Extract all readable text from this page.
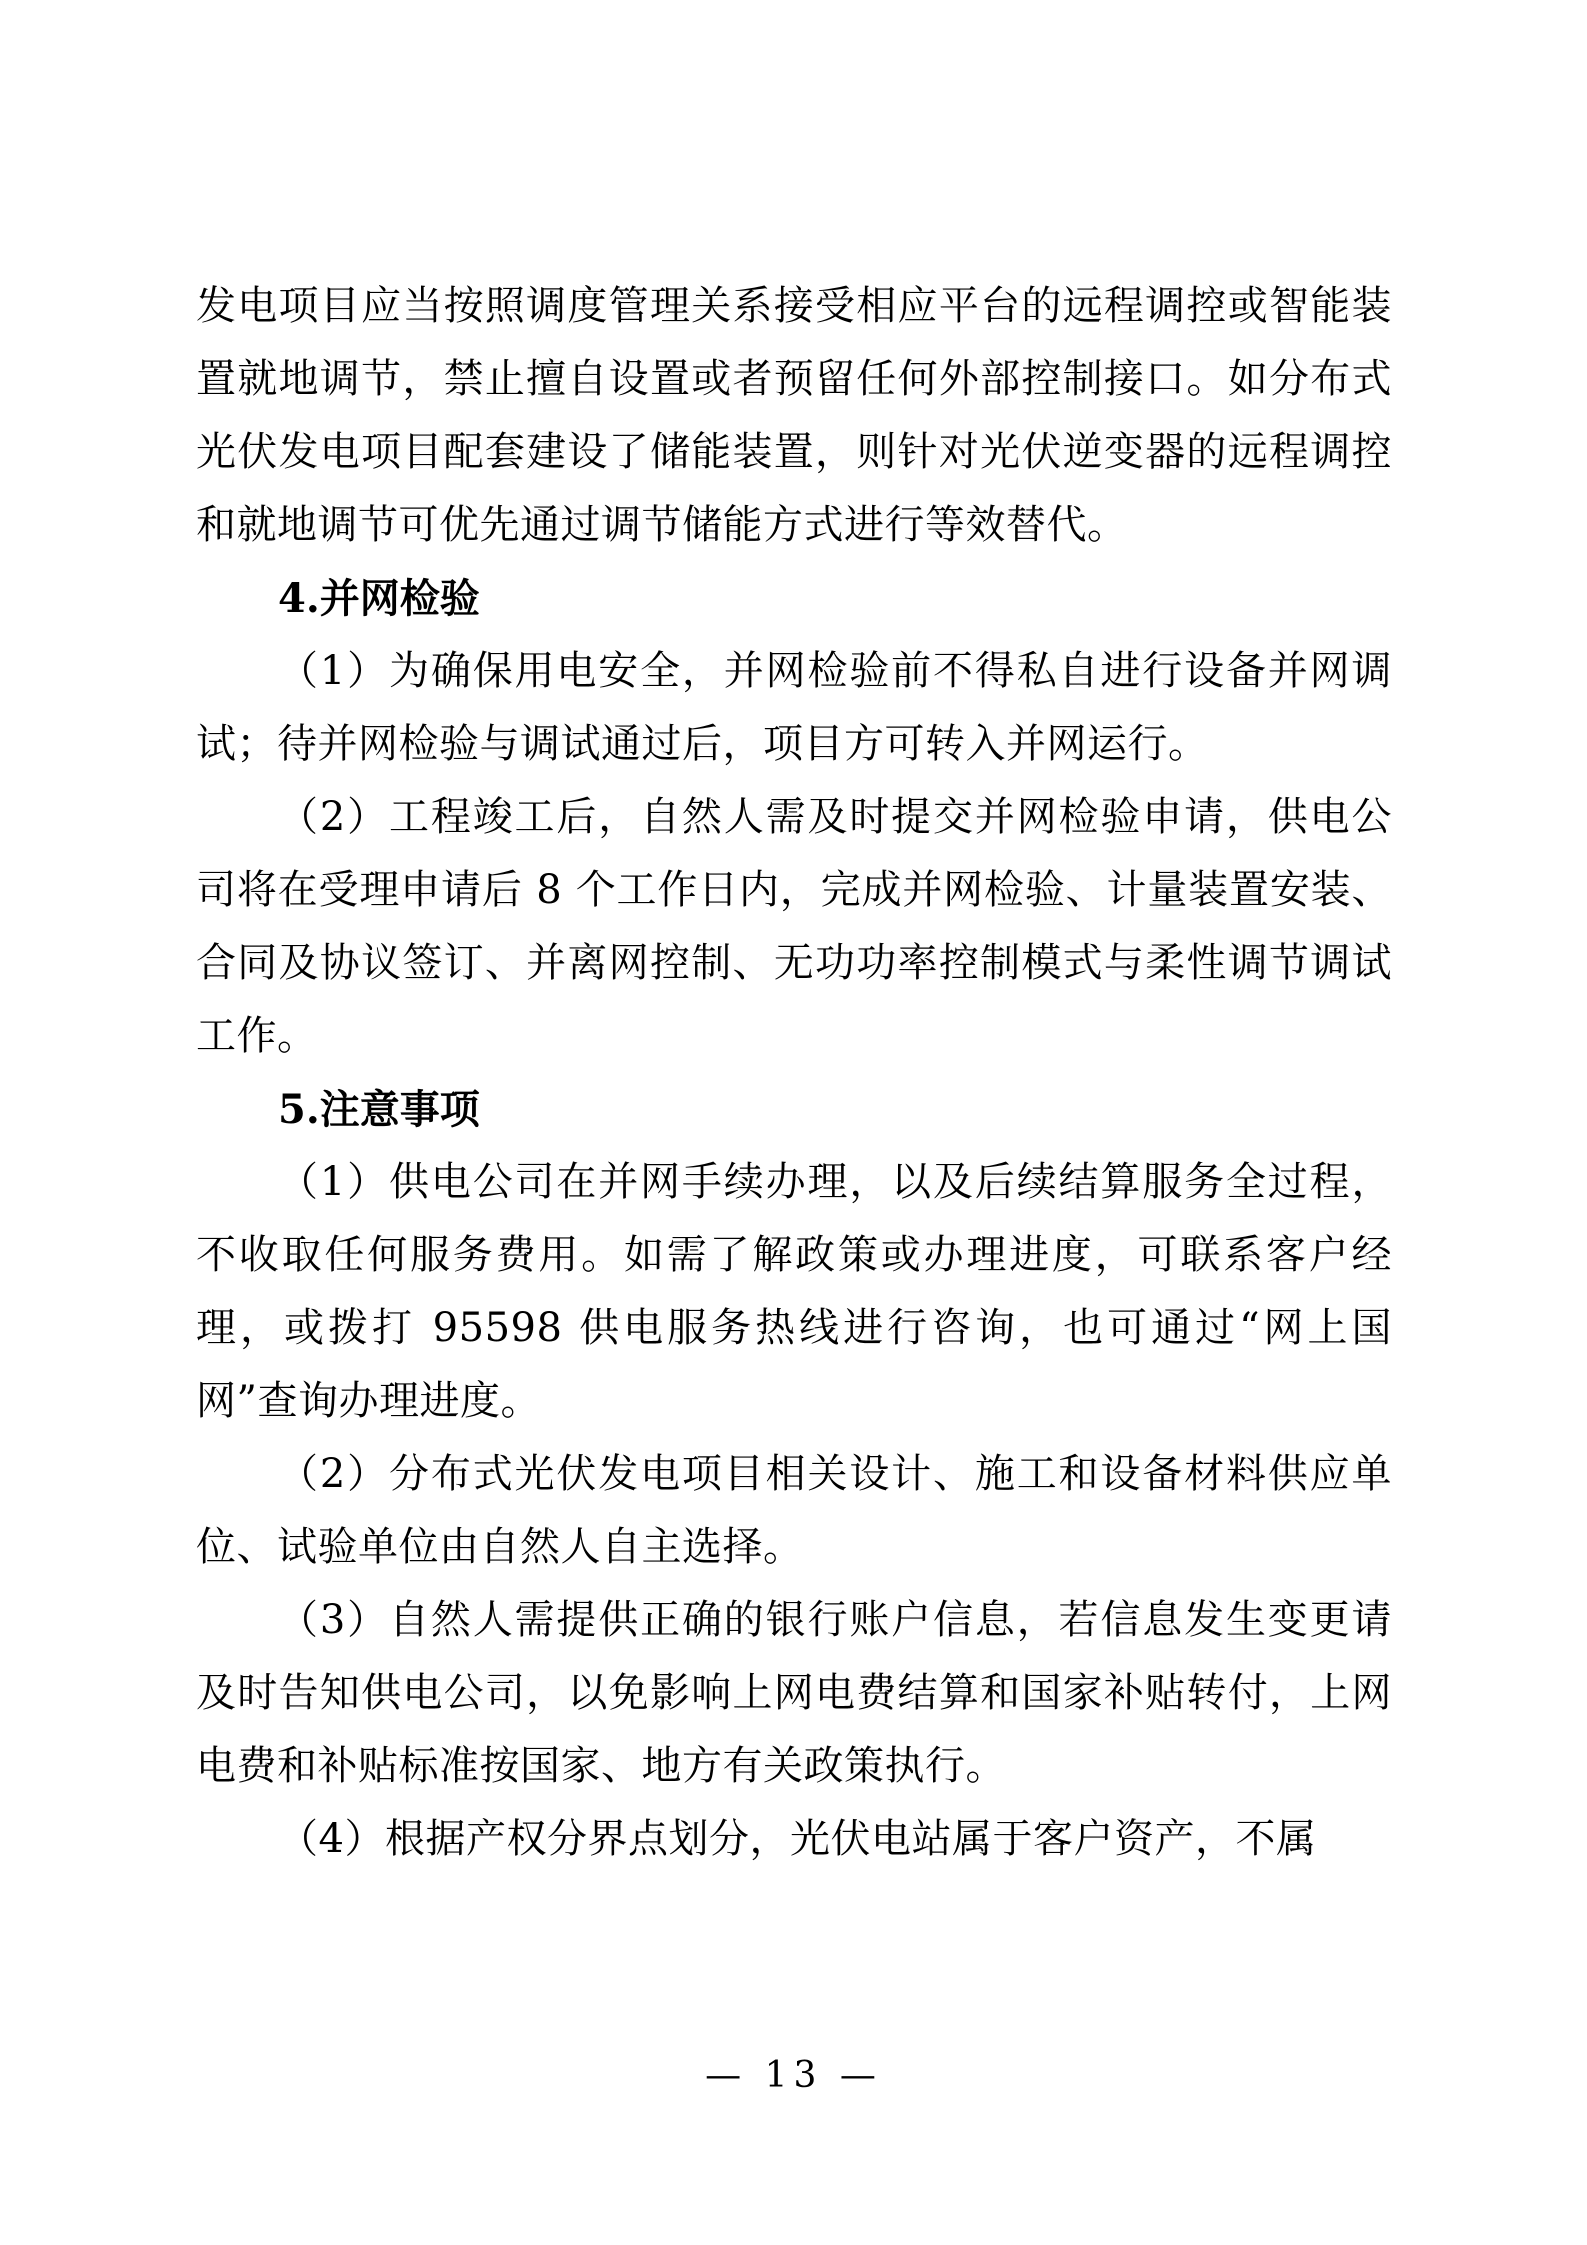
发电项目应当按照调度管理关系接受相应平台的远程调控或智能装置就地调节，禁止擅自设置或者预留任何外部控制接口。如分布式光伏发电项目配套建设了储能装置，则针对光伏逆变器的远程调控和就地调节可优先通过调节储能方式进行等效替代。

4.并网检验

（1）为确保用电安全，并网检验前不得私自进行设备并网调试；待并网检验与调试通过后，项目方可转入并网运行。

（2）工程竣工后，自然人需及时提交并网检验申请，供电公司将在受理申请后 8 个工作日内，完成并网检验、计量装置安装、合同及协议签订、并离网控制、无功功率控制模式与柔性调节调试工作。

5.注意事项

（1）供电公司在并网手续办理，以及后续结算服务全过程，不收取任何服务费用。如需了解政策或办理进度，可联系客户经理，或拨打 95598 供电服务热线进行咨询，也可通过“网上国网”查询办理进度。

（2）分布式光伏发电项目相关设计、施工和设备材料供应单位、试验单位由自然人自主选择。

（3）自然人需提供正确的银行账户信息，若信息发生变更请及时告知供电公司，以免影响上网电费结算和国家补贴转付，上网电费和补贴标准按国家、地方有关政策执行。

（4）根据产权分界点划分，光伏电站属于客户资产，不属

— 13 —
